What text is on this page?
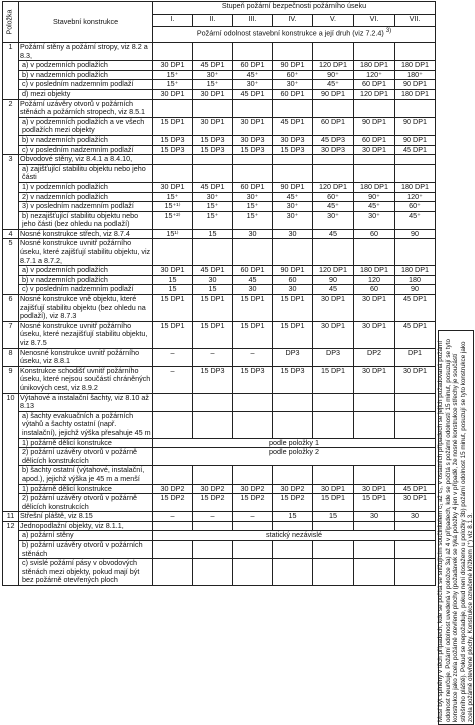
Položka	Stavební konstrukce	Stupeň požární bezpečnosti požárního úseku						
		I.	II.	III.	IV.	V.	VI.	VII.
		Požární odolnost stavební konstrukce a její druh (viz 7.2.4) $^{3)}$
1	Požární stěny a požární stropy, viz 8.2 a 8.3,							
	a) v podzemních podlažích	30 DP1	45 DP1	60 DP1	90 DP1	120 DP1	180 DP1	180 DP1
	b) v nadzemních podlažích	15⁺	30⁺	45⁺	60⁺	90⁺	120⁺	180⁺
	c) v posledním nadzemním podlaží	15⁺	15⁺	30⁺	30⁺	45⁺	60 DP1	90 DP1
	d) mezi objekty	30 DP1	30 DP1	45 DP1	60 DP1	90 DP1	120 DP1	180 DP1
2	Požární uzávěry otvorů v požárních stěnách a požárních stropech, viz 8.5.1							
	a) v podzemních podlažích a ve všech podlažích mezi objekty	15 DP1	30 DP1	30 DP1	45 DP1	60 DP1	90 DP1	90 DP1
	b) v nadzemních podlažích	15 DP3	15 DP3	30 DP3	30 DP3	45 DP3	60 DP1	90 DP1
	c) v posledním nadzemním podlaží	15 DP3	15 DP3	15 DP3	15 DP3	30 DP3	30 DP1	45 DP1
3	Obvodové stěny, viz 8.4.1 a 8.4.10,							
	a) zajišťující stabilitu objektu nebo jeho části							
	1) v podzemních podlažích	30 DP1	45 DP1	60 DP1	90 DP1	120 DP1	180 DP1	180 DP1
	2) v nadzemních podlažích	15⁺	30⁺	30⁺	45⁺	60⁺	90⁺	120⁺
	3) v posledním nadzemním podlaží	15⁺¹⁾	15⁺	15⁺	30⁺	45⁺	45⁺	60⁺
	b) nezajišťující stabilitu objektu nebo jeho části (bez ohledu na podlaží)	15⁺²⁾	15⁺	15⁺	30⁺	30⁺	30⁺	45⁺
4	Nosné konstrukce střech, viz 8.7.4	15¹⁾	15	30	30	45	60	90
5	Nosné konstrukce uvnitř požárního úseku, které zajišťují stabilitu objektu, viz 8.7.1 a 8.7.2,							
	a) v podzemních podlažích	30 DP1	45 DP1	60 DP1	90 DP1	120 DP1	180 DP1	180 DP1
	b) v nadzemních podlažích	15	30	45	60	90	120	180
	c) v posledním nadzemním podlaží	15	15	30	30	45	60	90
6	Nosné konstrukce vně objektu, které zajišťují stabilitu objektu (bez ohledu na podlaží), viz 8.7.3	15 DP1	15 DP1	15 DP1	15 DP1	30 DP1	30 DP1	45 DP1
7	Nosné konstrukce uvnitř požárního úseku, které nezajišťují stabilitu objektu, viz 8.7.5	15 DP1	15 DP1	15 DP1	15 DP1	30 DP1	30 DP1	45 DP1
8	Nenosné konstrukce uvnitř požárního úseku, viz 8.8.1	–	–	–	DP3	DP3	DP2	DP1
9	Konstrukce schodišť uvnitř požárního úseku, které nejsou součástí chráněných únikových cest, viz 8.9.2	–	15 DP3	15 DP3	15 DP3	15 DP1	30 DP1	30 DP1
10	Výtahové a instalační šachty, viz 8.10 až 8.13							
	a) šachty evakuačních a požárních výtahů a šachty ostatní (např. instalační), jejichž výška přesahuje 45 m							
	1) požárně dělicí konstrukce	podle položky 1						
	2) požární uzávěry otvorů v požárně dělicích konstrukcích	podle položky 2						
	b) šachty ostatní (výtahové, instalační, apod.), jejichž výška je 45 m a menší							
	1) požárně dělicí konstrukce	30 DP2	30 DP2	30 DP2	30 DP2	30 DP1	30 DP1	45 DP1
	2) požární uzávěry otvorů v požárně dělicích konstrukcích	15 DP2	15 DP2	15 DP2	15 DP2	15 DP1	15 DP1	30 DP1
11	Střešní pláště, viz 8.15	–	–	–	15	15	30	30
12	Jednopodlažní objekty, viz 8.1.1,							
	a) požární stěny	statický nezávislé						
	b) požární uzávěry otvorů v požárních stěnách							
	c) svislé požární pásy v obvodových stěnách mezi objekty, pokud mají být bez požárně otevřených ploch								Musí být splněny v těch případech, kde se počítá se snižujícím součinitelem c₁ až c₃, v ostatních případech se jejich požadovaná požární odolnost neurčuje. Požární odolnost uvedená v položce 3a) až 4 v případech, kde se počítá s požární odolností 15 minut, posuzují se tyto konstrukce jako zcela požárně otevřené plochy (požadavek se týká položky 4 jen v případě, že nosné konstrukce střechy je součástí střešního pláště). Pokud se nepožaduje, pokud není dosaženo u položky 3b) požární odolnost 15 minut, posuzují se tyto konstrukce jako zcela požárně otevřené plochy. Konstrukce označené křížkem (⁺) viz 8.1.3.
